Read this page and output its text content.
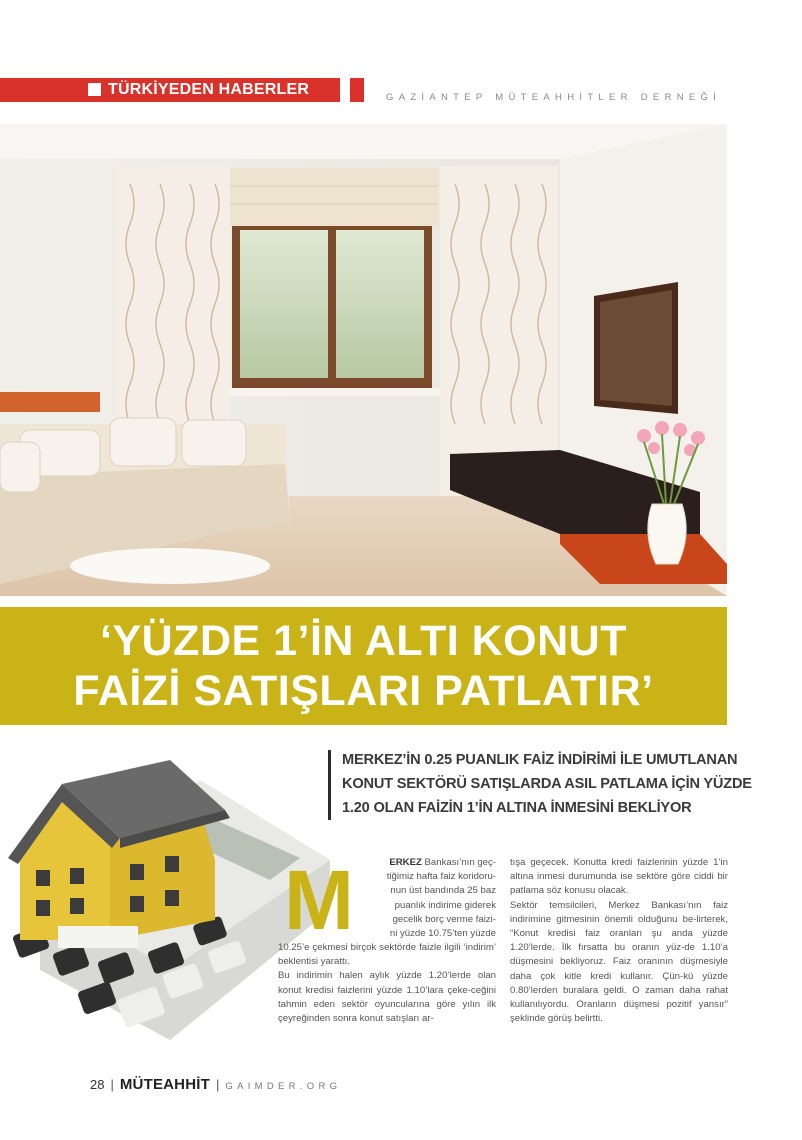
TÜRKİYEDEN HABERLER	GAZİANTEP MÜTEAHHİTLER DERNEĞİ
‘YÜZDE 1’İN ALTI KONUT
FAİZİ SATIŞLARI PATLATIR’
MERKEZ’İN 0.25 PUANLIK FAİZ İNDİRİMİ İLE UMUTLANAN
KONUT SEKTÖRÜ SATIŞLARDA ASIL PATLAMA İÇİN YÜZDE
1.20 OLAN FAİZİN 1’İN ALTINA İNMESİNİ BEKLİYOR
M	ERKEZ Bankası’nın geç-

tiğimiz hafta faiz koridoru-

nun üst bandında 25 baz

puanlık indirime giderek

gecelik borç verme faizi-

ni yüzde 10.75’ten yüzde

10.25’e çekmesi birçok sektörde faizle ilgili ‘indirim’ beklentisi yarattı.

Bu indirimin halen aylık yüzde 1.20’lerde olan konut kredisi faizlerini yüzde 1.10’lara çeke-ceğini tahmin eden sektör oyuncularına göre yılın ilk çeyreğinden sonra konut satışları ar-

tışa geçecek. Konutta kredi faizlerinin yüzde 1’in altına inmesi durumunda ise sektöre göre ciddi bir patlama söz konusu olacak.

Sektör temsilcileri, Merkez Bankası’nın faiz indirimine gitmesinin önemli olduğunu be-lirterek, “Konut kredisi faiz oranları şu anda yüzde 1.20’lerde. İlk fırsatta bu oranın yüz-de 1.10’a düşmesini bekliyoruz. Faiz oranının düşmesiyle daha çok kitle kredi kullanır. Çün-kü yüzde 0.80’lerden buralara geldi. O zaman daha rahat kullanılıyordu. Oranların düşmesi pozitif yansır” şeklinde görüş belirtti.

28 | MÜTEAHHİT | GAIMDER.ORG
